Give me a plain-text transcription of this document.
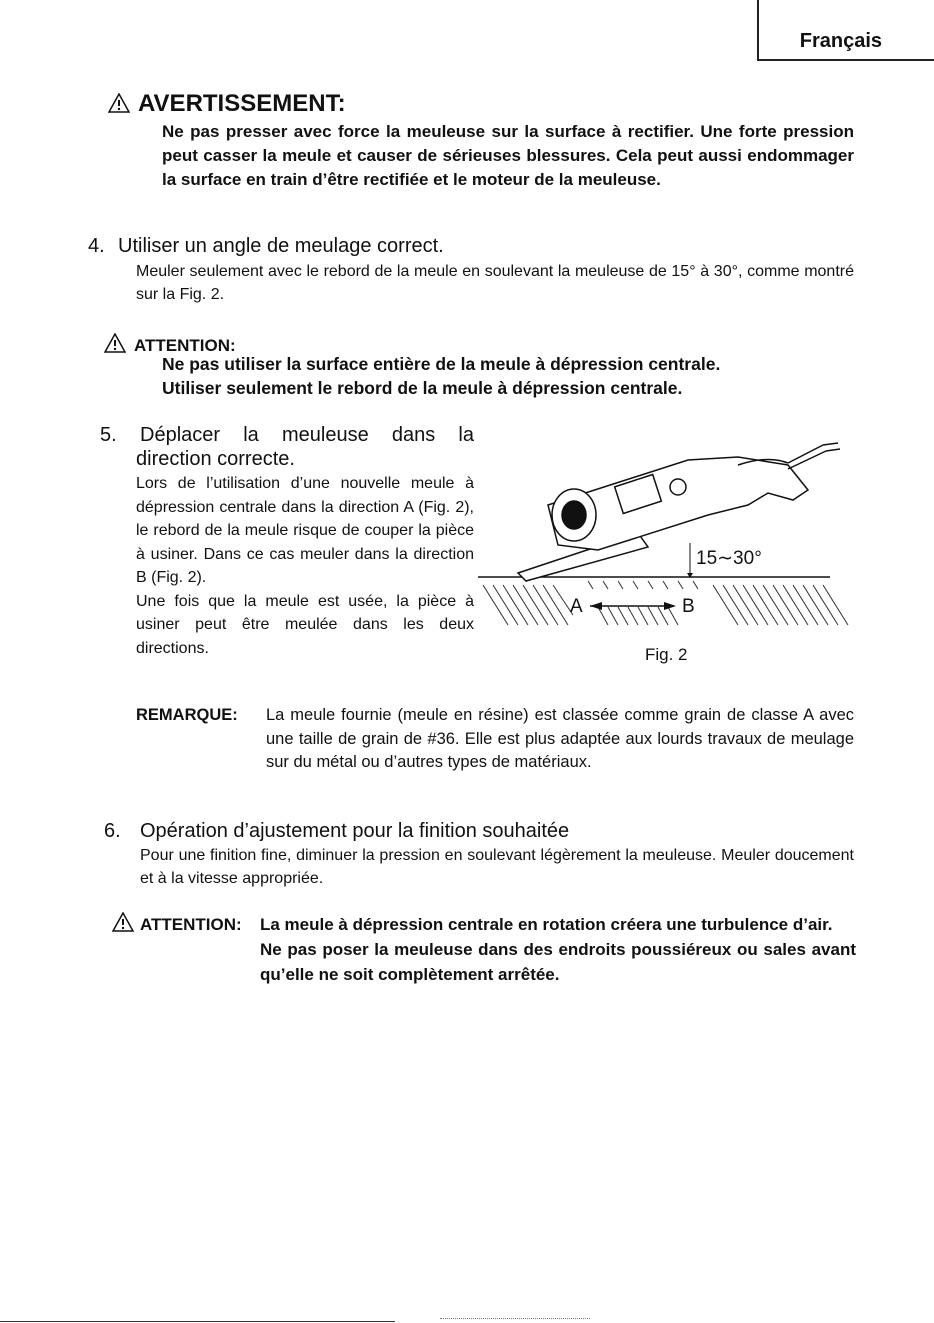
Français
AVERTISSEMENT:

Ne pas presser avec force la meuleuse sur la surface à rectifier. Une forte pression peut casser la meule et causer de sérieuses blessures. Cela peut aussi endommager la surface en train d’être rectifiée et le moteur de la meuleuse.

4. Utiliser un angle de meulage correct.

Meuler seulement avec le rebord de la meule en soulevant la meuleuse de 15° à 30°, comme montré sur la Fig. 2.

ATTENTION:

Ne pas utiliser la surface entière de la meule à dépression centrale.

Utiliser seulement le rebord de la meule à dépression centrale.

5. Déplacer la meuleuse dans la
direction correcte.

Lors de l’utilisation d’une nouvelle meule à dépression centrale dans la direction A (Fig. 2), le rebord de la meule risque de couper la pièce à usiner. Dans ce cas meuler dans la direction B (Fig. 2).

Une fois que la meule est usée, la pièce à usiner peut être meulée dans les deux directions.

15∼30°
A	B
Fig. 2
REMARQUE:	La meule fournie (meule en résine) est classée comme grain de classe A avec une taille de grain de #36. Elle est plus adaptée aux lourds travaux de meulage sur du métal ou d’autres types de matériaux.
6. Opération d’ajustement pour la finition souhaitée

Pour une finition fine, diminuer la pression en soulevant légèrement la meuleuse. Meuler doucement et à la vitesse appropriée.

ATTENTION:	La meule à dépression centrale en rotation créera une turbulence d’air.

Ne pas poser la meuleuse dans des endroits poussiéreux ou sales avant qu’elle ne soit complètement arrêtée.
